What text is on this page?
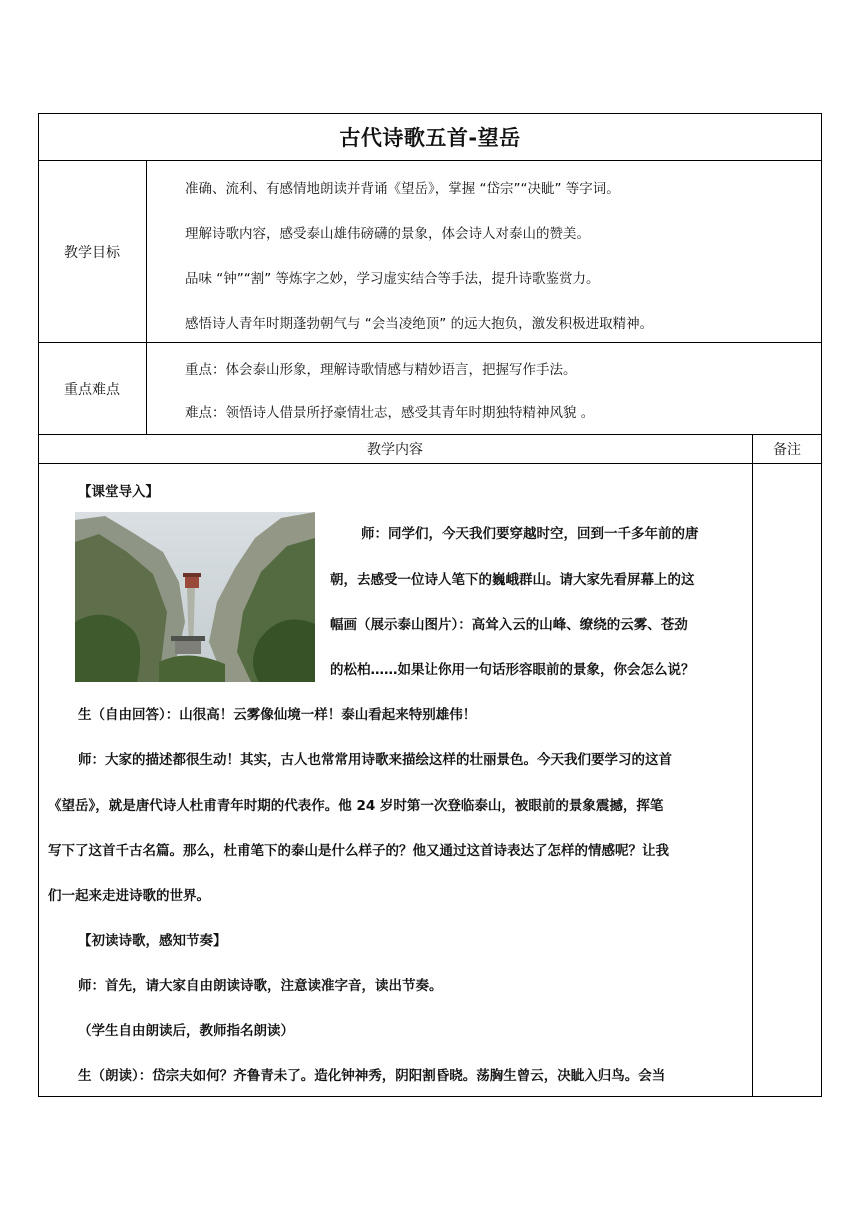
古代诗歌五首-望岳
教学目标
准确、流利、有感情地朗读并背诵《望岳》，掌握 “岱宗”“决眦” 等字词。
理解诗歌内容，感受泰山雄伟磅礴的景象，体会诗人对泰山的赞美。
品味 “钟”“割” 等炼字之妙，学习虚实结合等手法，提升诗歌鉴赏力。
感悟诗人青年时期蓬勃朝气与 “会当凌绝顶” 的远大抱负，激发积极进取精神。
重点难点
重点：体会泰山形象，理解诗歌情感与精妙语言，把握写作手法。
难点：领悟诗人借景所抒豪情壮志，感受其青年时期独特精神风貌 。
教学内容	备注
【课堂导入】
师：同学们，今天我们要穿越时空，回到一千多年前的唐
朝，去感受一位诗人笔下的巍峨群山。请大家先看屏幕上的这
幅画（展示泰山图片）：高耸入云的山峰、缭绕的云雾、苍劲
的松柏……如果让你用一句话形容眼前的景象，你会怎么说？
生（自由回答）：山很高！云雾像仙境一样！泰山看起来特别雄伟！
师：大家的描述都很生动！其实，古人也常常用诗歌来描绘这样的壮丽景色。今天我们要学习的这首
《望岳》，就是唐代诗人杜甫青年时期的代表作。他 24 岁时第一次登临泰山，被眼前的景象震撼，挥笔
写下了这首千古名篇。那么，杜甫笔下的泰山是什么样子的？他又通过这首诗表达了怎样的情感呢？让我
们一起来走进诗歌的世界。
【初读诗歌，感知节奏】
师：首先，请大家自由朗读诗歌，注意读准字音，读出节奏。
（学生自由朗读后，教师指名朗读）
生（朗读）：岱宗夫如何？齐鲁青未了。造化钟神秀，阴阳割昏晓。荡胸生曾云，决眦入归鸟。会当
